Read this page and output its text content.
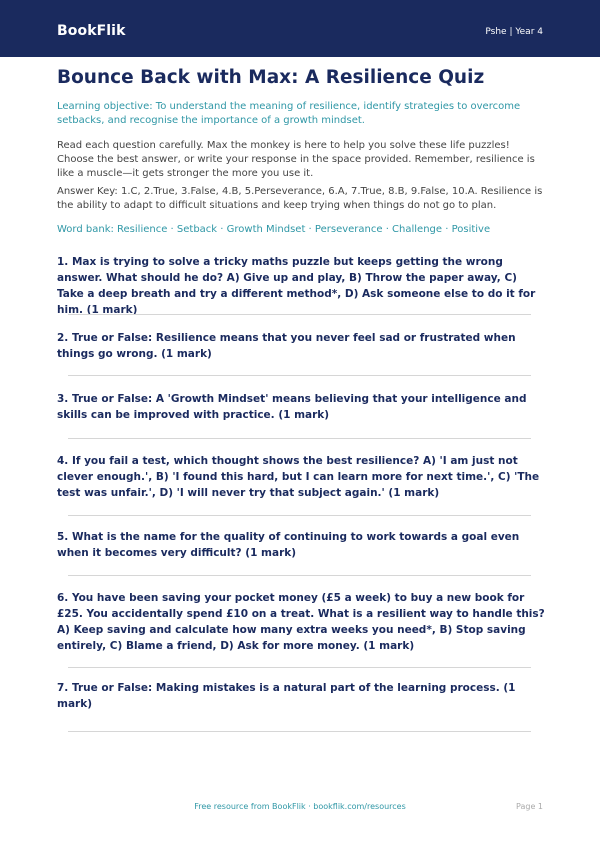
BookFlik	Pshe | Year 4
Bounce Back with Max: A Resilience Quiz

Learning objective: To understand the meaning of resilience, identify strategies to overcome setbacks, and recognise the importance of a growth mindset.

Read each question carefully. Max the monkey is here to help you solve these life puzzles! Choose the best answer, or write your response in the space provided. Remember, resilience is like a muscle—it gets stronger the more you use it.

Answer Key: 1.C, 2.True, 3.False, 4.B, 5.Perseverance, 6.A, 7.True, 8.B, 9.False, 10.A. Resilience is the ability to adapt to difficult situations and keep trying when things do not go to plan.

Word bank: Resilience · Setback · Growth Mindset · Perseverance · Challenge · Positive

1. Max is trying to solve a tricky maths puzzle but keeps getting the wrong answer. What should he do? A) Give up and play, B) Throw the paper away, C) Take a deep breath and try a different method*, D) Ask someone else to do it for him. (1 mark)

2. True or False: Resilience means that you never feel sad or frustrated when things go wrong. (1 mark)

3. True or False: A 'Growth Mindset' means believing that your intelligence and skills can be improved with practice. (1 mark)

4. If you fail a test, which thought shows the best resilience? A) 'I am just not clever enough.', B) 'I found this hard, but I can learn more for next time.', C) 'The test was unfair.', D) 'I will never try that subject again.' (1 mark)

5. What is the name for the quality of continuing to work towards a goal even when it becomes very difficult? (1 mark)

6. You have been saving your pocket money (£5 a week) to buy a new book for £25. You accidentally spend £10 on a treat. What is a resilient way to handle this? A) Keep saving and calculate how many extra weeks you need*, B) Stop saving entirely, C) Blame a friend, D) Ask for more money. (1 mark)

7. True or False: Making mistakes is a natural part of the learning process. (1 mark)

Free resource from BookFlik · bookflik.com/resources	Page 1
